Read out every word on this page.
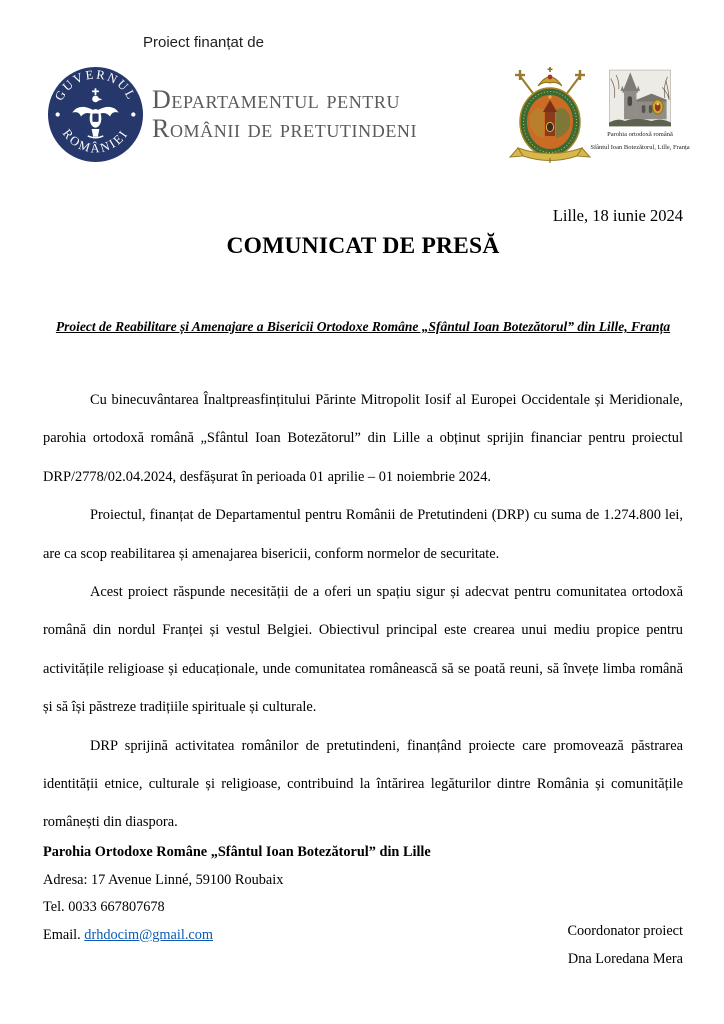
Proiect finanțat de
GUVERNUL
ROMÂNIEI
Departamentul pentru
Românii de pretutindeni	Parohia ortodoxă română
Sfântul Ioan Botezătorul, Lille, Franța
Lille, 18 iunie 2024
COMUNICAT DE PRESĂ
Proiect de Reabilitare și Amenajare a Bisericii Ortodoxe Române „Sfântul Ioan Botezătorul” din Lille, Franța

Cu binecuvântarea Înaltpreasfințitului Părinte Mitropolit Iosif al Europei Occidentale și Meridionale, parohia ortodoxă română „Sfântul Ioan Botezătorul” din Lille a obținut sprijin financiar pentru proiectul DRP/2778/02.04.2024, desfășurat în perioada 01 aprilie – 01 noiembrie 2024.

Proiectul, finanțat de Departamentul pentru Românii de Pretutindeni (DRP) cu suma de 1.274.800 lei, are ca scop reabilitarea și amenajarea bisericii, conform normelor de securitate.

Acest proiect răspunde necesității de a oferi un spațiu sigur și adecvat pentru comunitatea ortodoxă română din nordul Franței și vestul Belgiei. Obiectivul principal este crearea unui mediu propice pentru activitățile religioase și educaționale, unde comunitatea românească să se poată reuni, să învețe limba română și să își păstreze tradițiile spirituale și culturale.

DRP sprijină activitatea românilor de pretutindeni, finanțând proiecte care promovează păstrarea identității etnice, culturale și religioase, contribuind la întărirea legăturilor dintre România și comunitățile românești din diaspora.

Parohia Ortodoxe Române „Sfântul Ioan Botezătorul” din Lille
Adresa: 17 Avenue Linné, 59100 Roubaix
Tel. 0033 667807678
Email. drhdocim@gmail.com	Coordonator proiect
Dna Loredana Mera
